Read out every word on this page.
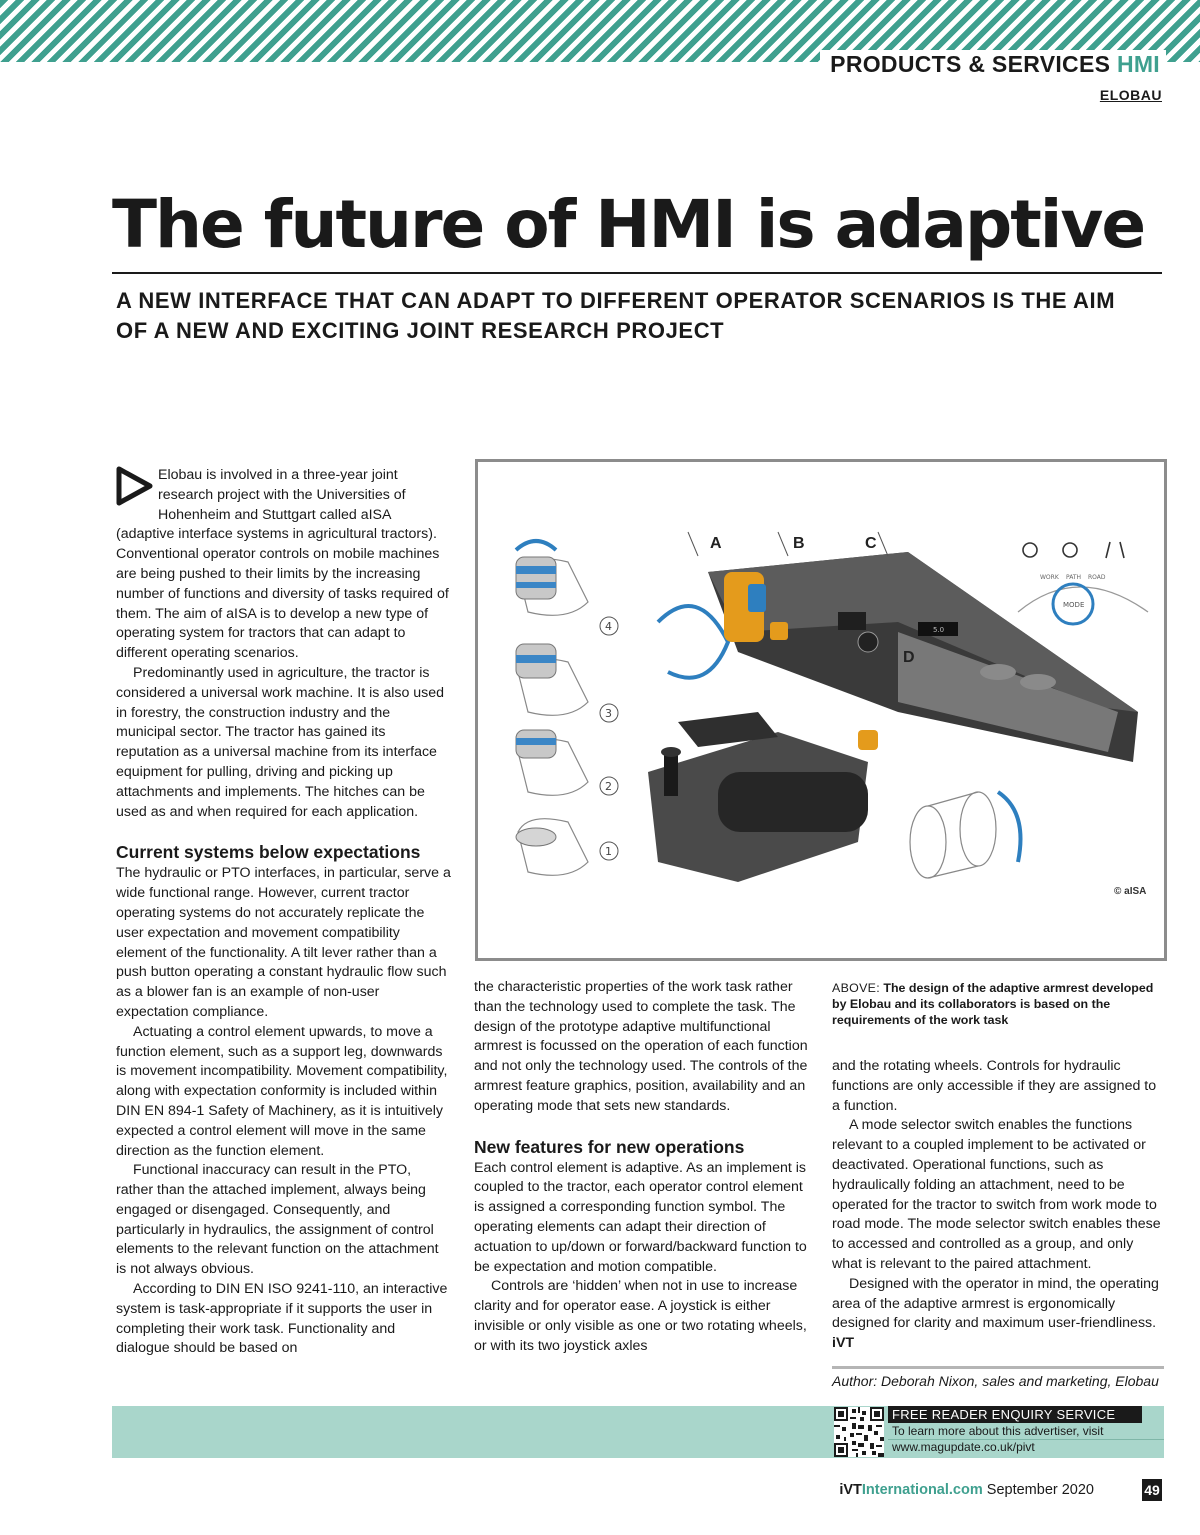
PRODUCTS & SERVICES HMI
ELOBAU
The future of HMI is adaptive
A NEW INTERFACE THAT CAN ADAPT TO DIFFERENT OPERATOR SCENARIOS IS THE AIM OF A NEW AND EXCITING JOINT RESEARCH PROJECT

Elobau is involved in a three-year joint research project with the Universities of Hohenheim and Stuttgart called aISA (adaptive interface systems in agricultural tractors). Conventional operator controls on mobile machines are being pushed to their limits by the increasing number of functions and diversity of tasks required of them. The aim of aISA is to develop a new type of operating system for tractors that can adapt to different operating scenarios.

Predominantly used in agriculture, the tractor is considered a universal work machine. It is also used in forestry, the construction industry and the municipal sector. The tractor has gained its reputation as a universal machine from its interface equipment for pulling, driving and picking up attachments and implements. The hitches can be used as and when required for each application.

Current systems below expectations

The hydraulic or PTO interfaces, in particular, serve a wide functional range. However, current tractor operating systems do not accurately replicate the user expectation and movement compatibility element of the functionality. A tilt lever rather than a push button operating a constant hydraulic flow such as a blower fan is an example of non-user expectation compliance.

Actuating a control element upwards, to move a function element, such as a support leg, downwards is movement incompatibility. Movement compatibility, along with expectation conformity is included within DIN EN 894-1 Safety of Machinery, as it is intuitively expected a control element will move in the same direction as the function element.

Functional inaccuracy can result in the PTO, rather than the attached implement, always being engaged or disengaged. Consequently, and particularly in hydraulics, the assignment of control elements to the relevant function on the attachment is not always obvious.

According to DIN EN ISO 9241-110, an interactive system is task-appropriate if it supports the user in completing their work task. Functionality and dialogue should be based on

5.0
MODE
WORK PATH ROAD
A	B	C
D
4
3
2
1
© aISA
ABOVE: The design of the adaptive armrest developed by Elobau and its collaborators is based on the requirements of the work task

the characteristic properties of the work task rather than the technology used to complete the task. The design of the prototype adaptive multifunctional armrest is focussed on the operation of each function and not only the technology used. The controls of the armrest feature graphics, position, availability and an operating mode that sets new standards.

New features for new operations

Each control element is adaptive. As an implement is coupled to the tractor, each operator control element is assigned a corresponding function symbol. The operating elements can adapt their direction of actuation to up/down or forward/backward function to be expectation and motion compatible.

Controls are ‘hidden’ when not in use to increase clarity and for operator ease. A joystick is either invisible or only visible as one or two rotating wheels, or with its two joystick axles

and the rotating wheels. Controls for hydraulic functions are only accessible if they are assigned to a function.

A mode selector switch enables the functions relevant to a coupled implement to be activated or deactivated. Operational functions, such as hydraulically folding an attachment, need to be operated for the tractor to switch from work mode to road mode. The mode selector switch enables these to accessed and controlled as a group, and only what is relevant to the paired attachment.

Designed with the operator in mind, the operating area of the adaptive armrest is ergonomically designed for clarity and maximum user-friendliness. iVT

Author: Deborah Nixon, sales and marketing, Elobau
FREE READER ENQUIRY SERVICE
To learn more about this advertiser, visit
www.magupdate.co.uk/pivt
iVTInternational.com September 2020	49
